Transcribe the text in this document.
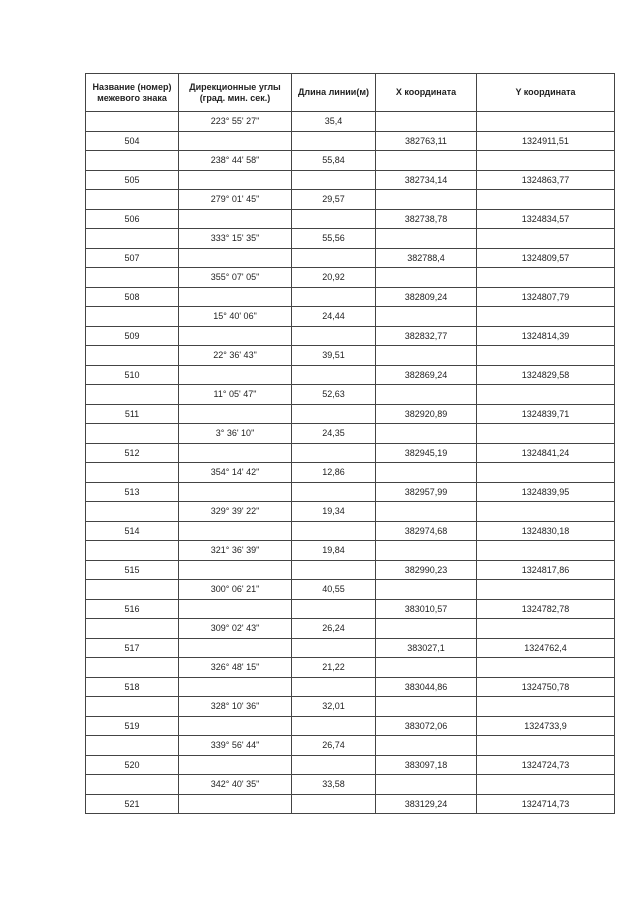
Название (номер) межевого знака	Дирекционные углы (град. мин. сек.)	Длина линии(м)	X координата	Y координата
	223° 55' 27"	35,4		
504			382763,11	1324911,51
	238° 44' 58"	55,84		
505			382734,14	1324863,77
	279° 01' 45"	29,57		
506			382738,78	1324834,57
	333° 15' 35"	55,56		
507			382788,4	1324809,57
	355° 07' 05"	20,92		
508			382809,24	1324807,79
	15° 40' 06"	24,44		
509			382832,77	1324814,39
	22° 36' 43"	39,51		
510			382869,24	1324829,58
	11° 05' 47"	52,63		
511			382920,89	1324839,71
	3° 36' 10"	24,35		
512			382945,19	1324841,24
	354° 14' 42"	12,86		
513			382957,99	1324839,95
	329° 39' 22"	19,34		
514			382974,68	1324830,18
	321° 36' 39"	19,84		
515			382990,23	1324817,86
	300° 06' 21"	40,55		
516			383010,57	1324782,78
	309° 02' 43"	26,24		
517			383027,1	1324762,4
	326° 48' 15"	21,22		
518			383044,86	1324750,78
	328° 10' 36"	32,01		
519			383072,06	1324733,9
	339° 56' 44"	26,74		
520			383097,18	1324724,73
	342° 40' 35"	33,58		
521			383129,24	1324714,73
